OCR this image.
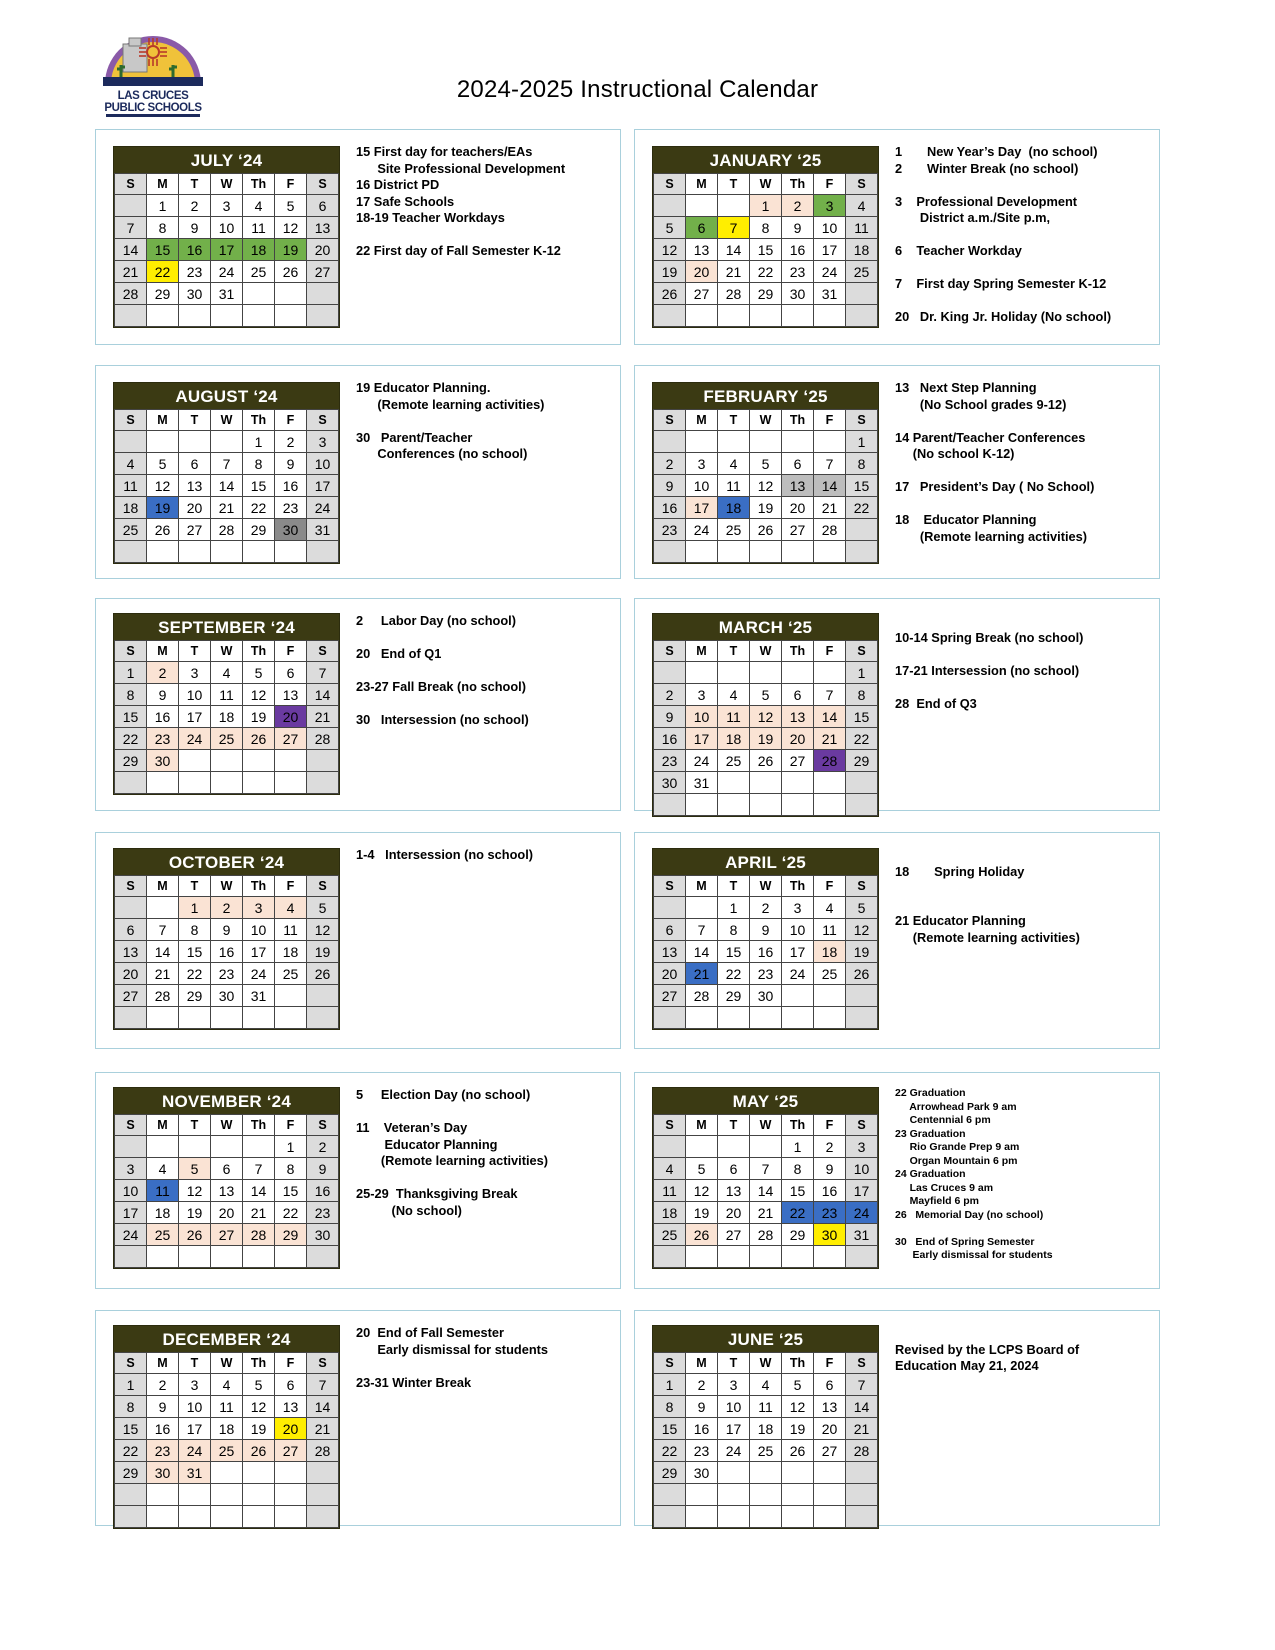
LAS CRUCES
PUBLIC SCHOOLS
2024-2025 Instructional Calendar
JULY ‘24
S	M	T	W	Th	F	S
	1	2	3	4	5	6
7	8	9	10	11	12	13
14	15	16	17	18	19	20
21	22	23	24	25	26	27
28	29	30	31			

15 First day for teachers/EAs
Site Professional Development
16 District PD
17 Safe Schools
18-19 Teacher Workdays

22 First day of Fall Semester K-12
JANUARY ‘25
S	M	T	W	Th	F	S
			1	2	3	4
5	6	7	8	9	10	11
12	13	14	15	16	17	18
19	20	21	22	23	24	25
26	27	28	29	30	31	

1       New Year’s Day  (no school)
2       Winter Break (no school)

3    Professional Development
District a.m./Site p.m,

6    Teacher Workday

7    First day Spring Semester K-12

20   Dr. King Jr. Holiday (No school)
AUGUST ‘24
S	M	T	W	Th	F	S
				1	2	3
4	5	6	7	8	9	10
11	12	13	14	15	16	17
18	19	20	21	22	23	24
25	26	27	28	29	30	31

19 Educator Planning.
(Remote learning activities)

30   Parent/Teacher
Conferences (no school)
FEBRUARY ‘25
S	M	T	W	Th	F	S
						1
2	3	4	5	6	7	8
9	10	11	12	13	14	15
16	17	18	19	20	21	22
23	24	25	26	27	28	

13   Next Step Planning
(No School grades 9-12)

14 Parent/Teacher Conferences
(No school K-12)

17   President’s Day ( No School)

18    Educator Planning
(Remote learning activities)
SEPTEMBER ‘24
S	M	T	W	Th	F	S
1	2	3	4	5	6	7
8	9	10	11	12	13	14
15	16	17	18	19	20	21
22	23	24	25	26	27	28
29	30					

2     Labor Day (no school)

20   End of Q1

23-27 Fall Break (no school)

30   Intersession (no school)
MARCH ‘25
S	M	T	W	Th	F	S
						1
2	3	4	5	6	7	8
9	10	11	12	13	14	15
16	17	18	19	20	21	22
23	24	25	26	27	28	29
30	31					

10-14 Spring Break (no school)

17-21 Intersession (no school)

28  End of Q3
OCTOBER ‘24
S	M	T	W	Th	F	S
		1	2	3	4	5
6	7	8	9	10	11	12
13	14	15	16	17	18	19
20	21	22	23	24	25	26
27	28	29	30	31		

1-4   Intersession (no school)	APRIL ‘25
S	M	T	W	Th	F	S
		1	2	3	4	5
6	7	8	9	10	11	12
13	14	15	16	17	18	19
20	21	22	23	24	25	26
27	28	29	30			

18       Spring Holiday

21 Educator Planning
(Remote learning activities)
NOVEMBER ‘24
S	M	T	W	Th	F	S
					1	2
3	4	5	6	7	8	9
10	11	12	13	14	15	16
17	18	19	20	21	22	23
24	25	26	27	28	29	30

5     Election Day (no school)

11    Veteran’s Day
Educator Planning
(Remote learning activities)

25-29  Thanksgiving Break
(No school)
MAY ‘25
S	M	T	W	Th	F	S
				1	2	3
4	5	6	7	8	9	10
11	12	13	14	15	16	17
18	19	20	21	22	23	24
25	26	27	28	29	30	31

22 Graduation
Arrowhead Park 9 am
Centennial 6 pm
23 Graduation
Rio Grande Prep 9 am
Organ Mountain 6 pm
24 Graduation
Las Cruces 9 am
Mayfield 6 pm
26   Memorial Day (no school)

30   End of Spring Semester
Early dismissal for students
DECEMBER ‘24
S	M	T	W	Th	F	S
1	2	3	4	5	6	7
8	9	10	11	12	13	14
15	16	17	18	19	20	21
22	23	24	25	26	27	28
29	30	31				

20  End of Fall Semester
Early dismissal for students

23-31 Winter Break
JUNE ‘25
S	M	T	W	Th	F	S
1	2	3	4	5	6	7
8	9	10	11	12	13	14
15	16	17	18	19	20	21
22	23	24	25	26	27	28
29	30					

Revised by the LCPS Board of
Education May 21, 2024
